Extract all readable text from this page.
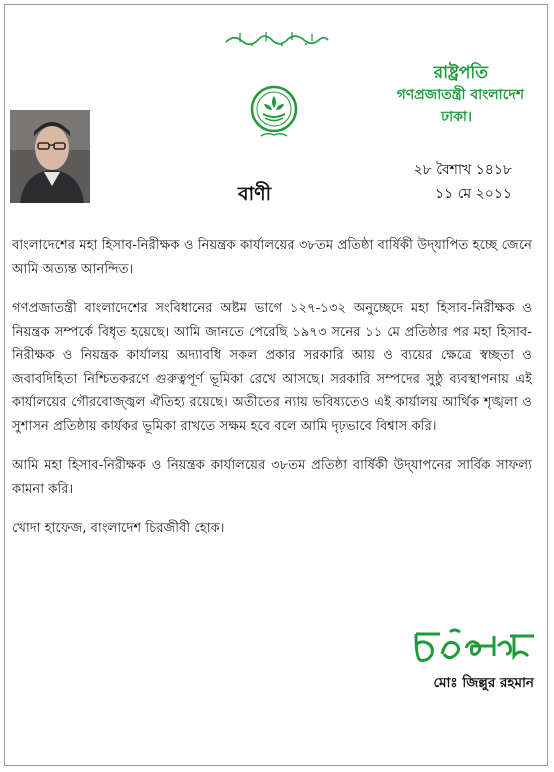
রাষ্ট্রপতি
গণপ্রজাতন্ত্রী বাংলাদেশ
ঢাকা।
২৮ বৈশাখ ১৪১৮
১১ মে ২০১১
বাণী

বাংলাদেশের মহা হিসাব-নিরীক্ষক ও নিয়ন্ত্রক কার্যালয়ের ৩৮তম প্রতিষ্ঠা বার্ষিকী উদ্‌যাপিত হচ্ছে জেনে আমি অত্যন্ত আনন্দিত।

গণপ্রজাতন্ত্রী বাংলাদেশের সংবিধানের অষ্টম ভাগে ১২৭-১৩২ অনুচ্ছেদে মহা হিসাব-নিরীক্ষক ও নিয়ন্ত্রক সম্পর্কে বিধৃত হয়েছে। আমি জানতে পেরেছি ১৯৭৩ সনের ১১ মে প্রতিষ্ঠার পর মহা হিসাব-নিরীক্ষক ও নিয়ন্ত্রক কার্যালয় অদ্যাবধি সকল প্রকার সরকারি আয় ও ব্যয়ের ক্ষেত্রে স্বচ্ছতা ও জবাবদিহিতা নিশ্চিতকরণে গুরুত্বপূর্ণ ভূমিকা রেখে আসছে। সরকারি সম্পদের সুষ্ঠু ব্যবস্থাপনায় এই কার্যালয়ের গৌরবোজ্জ্বল ঐতিহ্য রয়েছে। অতীতের ন্যায় ভবিষ্যতেও এই কার্যালয় আর্থিক শৃঙ্খলা ও সুশাসন প্রতিষ্ঠায় কার্যকর ভূমিকা রাখতে সক্ষম হবে বলে আমি দৃঢ়ভাবে বিশ্বাস করি।

আমি মহা হিসাব-নিরীক্ষক ও নিয়ন্ত্রক কার্যালয়ের ৩৮তম প্রতিষ্ঠা বার্ষিকী উদ্‌যাপনের সার্বিক সাফল্য কামনা করি।

খোদা হাফেজ, বাংলাদেশ চিরজীবী হোক।

মোঃ জিল্লুর রহমান
